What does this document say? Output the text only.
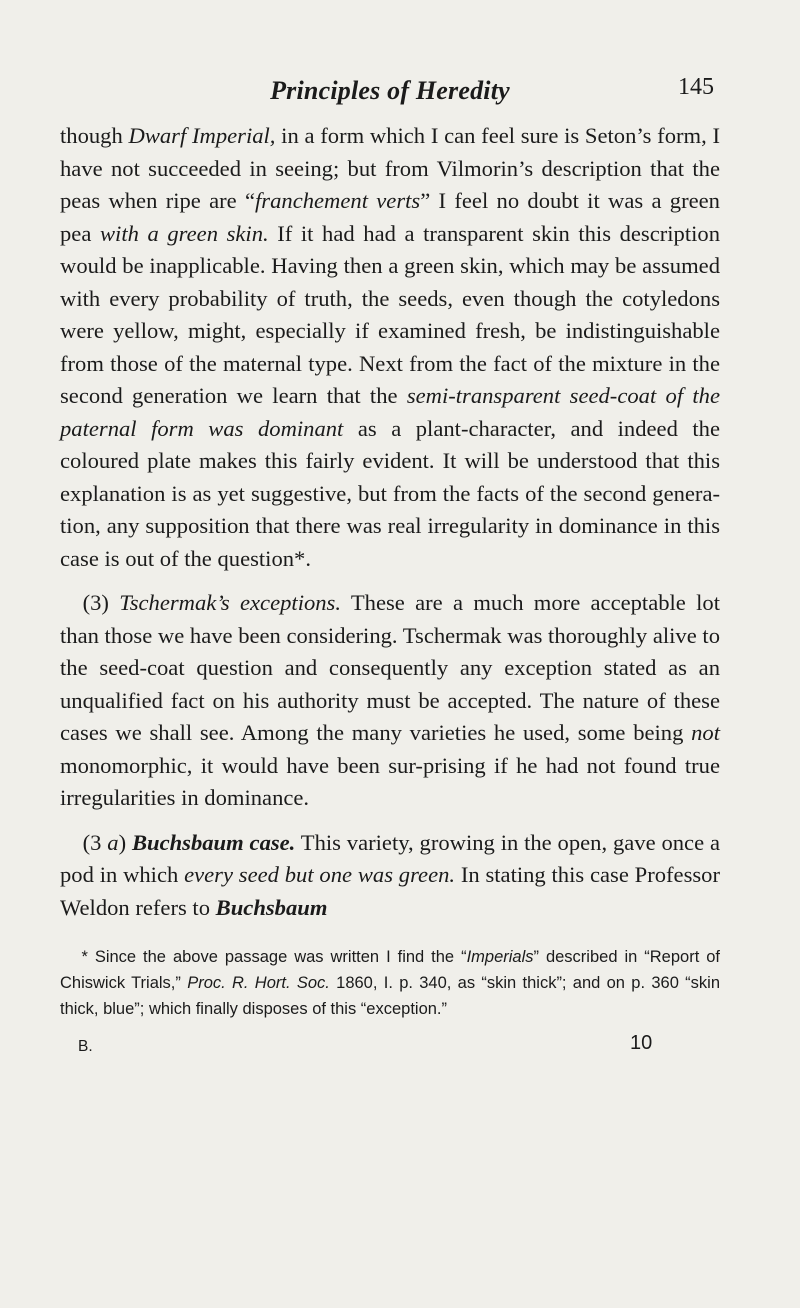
Principles of Heredity	145

though Dwarf Imperial, in a form which I can feel sure is Seton’s form, I have not succeeded in seeing; but from Vilmorin’s description that the peas when ripe are “franchement verts” I feel no doubt it was a green pea with a green skin. If it had had a transparent skin this description would be inapplicable. Having then a green skin, which may be assumed with every probability of truth, the seeds, even though the cotyledons were yellow, might, especially if examined fresh, be indistinguishable from those of the maternal type. Next from the fact of the mixture in the second generation we learn that the semi-transparent seed-coat of the paternal form was dominant as a plant-character, and indeed the coloured plate makes this fairly evident. It will be understood that this explanation is as yet suggestive, but from the facts of the second genera-tion, any supposition that there was real irregularity in dominance in this case is out of the question*.

(3) Tschermak’s exceptions. These are a much more acceptable lot than those we have been considering. Tschermak was thoroughly alive to the seed-coat question and consequently any exception stated as an unqualified fact on his authority must be accepted. The nature of these cases we shall see. Among the many varieties he used, some being not monomorphic, it would have been sur-prising if he had not found true irregularities in dominance.

(3 a) Buchsbaum case. This variety, growing in the open, gave once a pod in which every seed but one was green. In stating this case Professor Weldon refers to Buchsbaum

* Since the above passage was written I find the “Imperials” described in “Report of Chiswick Trials,” Proc. R. Hort. Soc. 1860, I. p. 340, as “skin thick”; and on p. 360 “skin thick, blue”; which finally disposes of this “exception.”

B.	10
